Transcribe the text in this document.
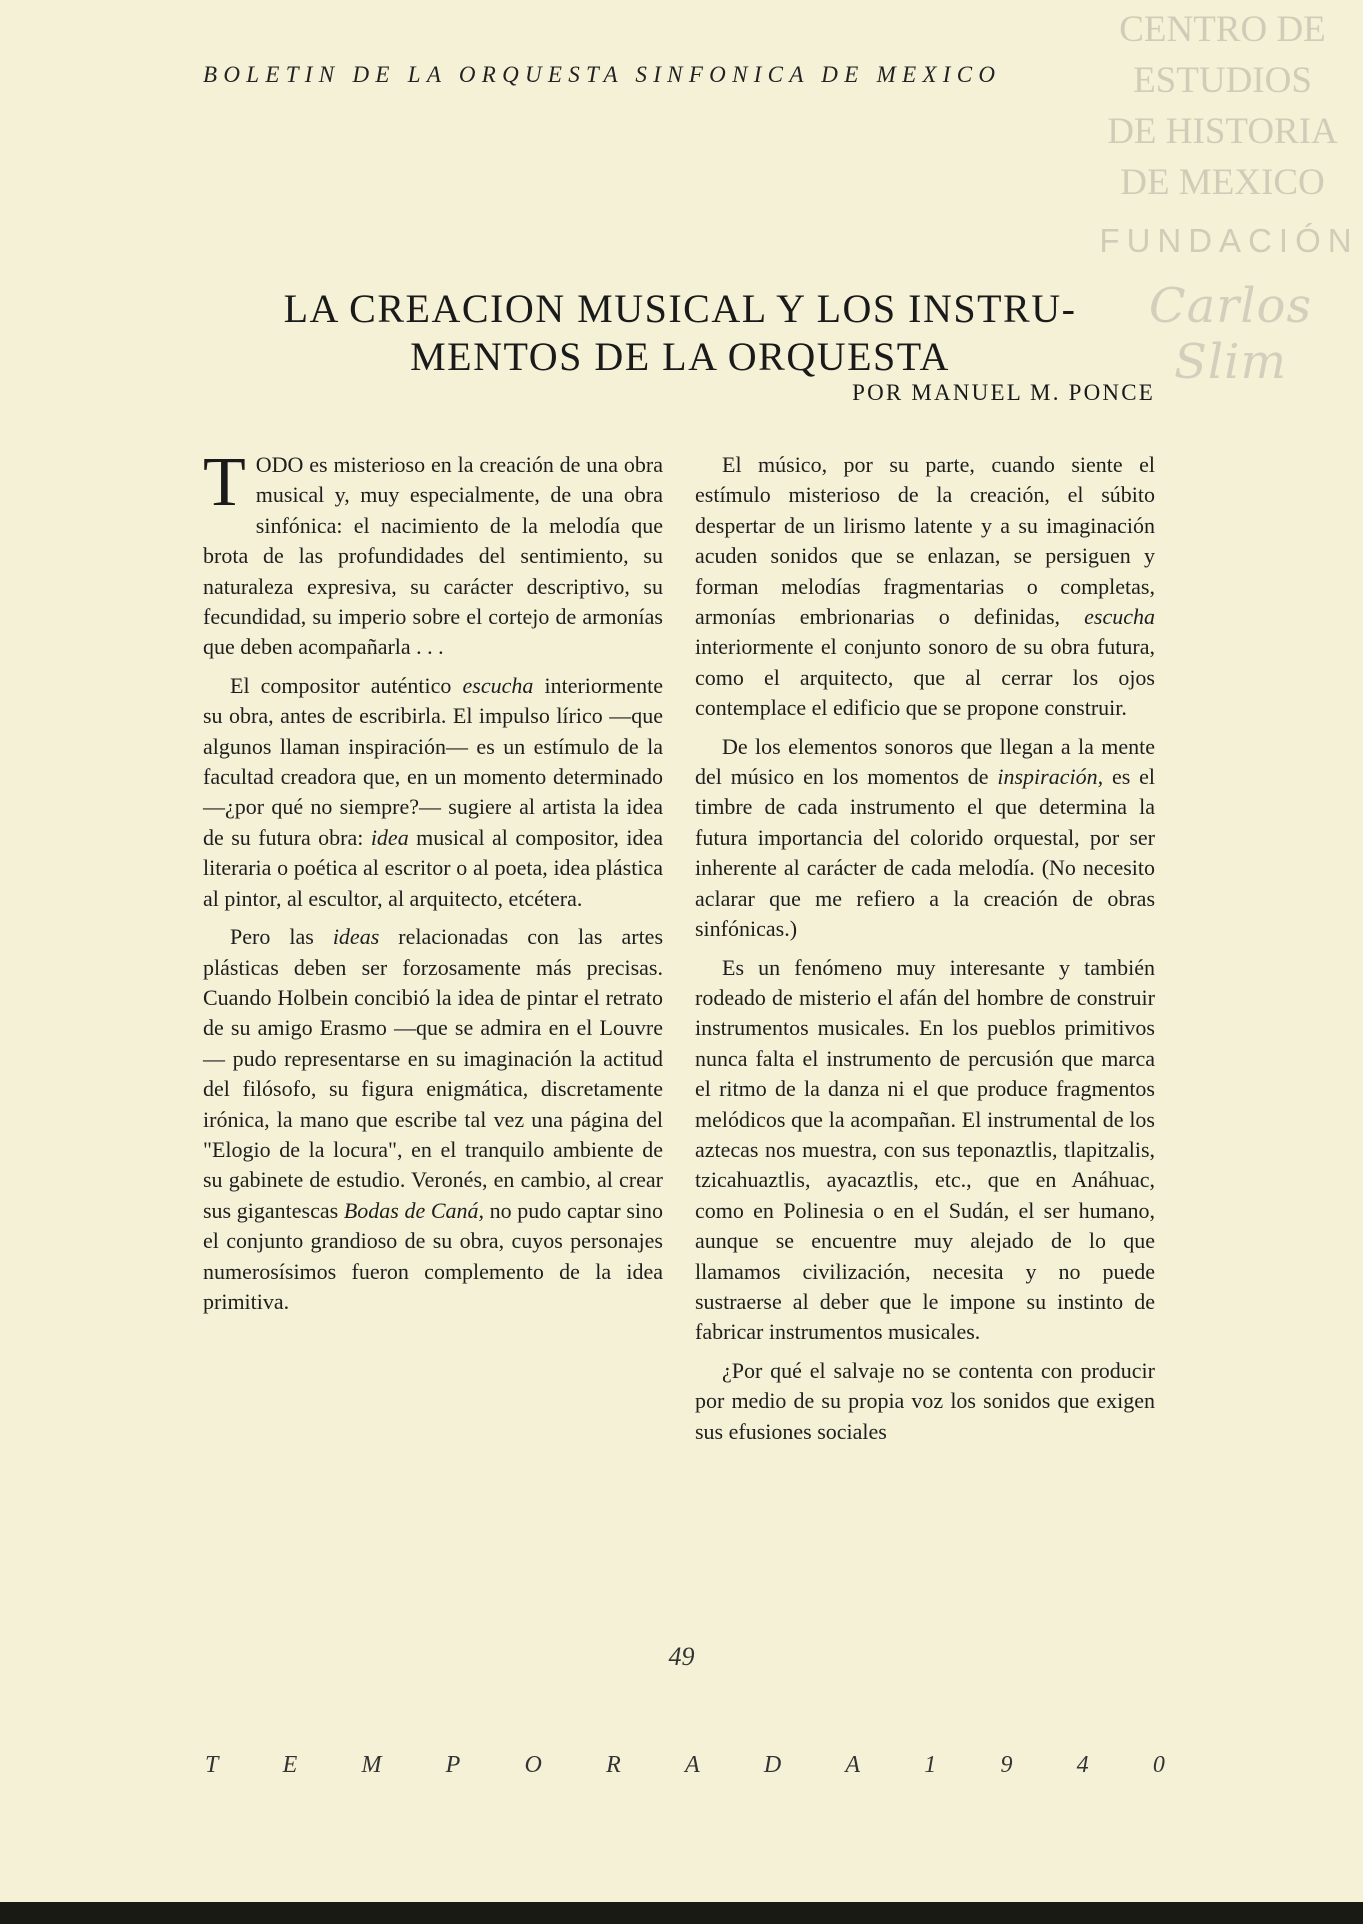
BOLETIN DE LA ORQUESTA SINFONICA DE MEXICO
CENTRO DE
ESTUDIOS
DE HISTORIA
DE MEXICO
FUNDACIÓN
Carlos Slim
LA CREACION MUSICAL Y LOS INSTRU-
MENTOS DE LA ORQUESTA
POR MANUEL M. PONCE

TODO es misterioso en la creación de una obra musical y, muy especialmente, de una obra sinfónica: el nacimiento de la melodía que brota de las profundidades del sentimiento, su naturaleza expresiva, su carácter descriptivo, su fecundidad, su imperio sobre el cortejo de armonías que deben acompañarla . . .

El compositor auténtico escucha interiormente su obra, antes de escribirla. El impulso lírico —que algunos llaman inspiración— es un estímulo de la facultad creadora que, en un momento determinado —¿por qué no siempre?— sugiere al artista la idea de su futura obra: idea musical al compositor, idea literaria o poética al escritor o al poeta, idea plástica al pintor, al escultor, al arquitecto, etcétera.

Pero las ideas relacionadas con las artes plásticas deben ser forzosamente más precisas. Cuando Holbein concibió la idea de pintar el retrato de su amigo Erasmo —que se admira en el Louvre— pudo representarse en su imaginación la actitud del filósofo, su figura enigmática, discretamente irónica, la mano que escribe tal vez una página del "Elogio de la locura", en el tranquilo ambiente de su gabinete de estudio. Veronés, en cambio, al crear sus gigantescas Bodas de Caná, no pudo captar sino el conjunto grandioso de su obra, cuyos personajes numerosísimos fueron complemento de la idea primitiva.

El músico, por su parte, cuando siente el estímulo misterioso de la creación, el súbito despertar de un lirismo latente y a su imaginación acuden sonidos que se enlazan, se persiguen y forman melodías fragmentarias o completas, armonías embrionarias o definidas, escucha interiormente el conjunto sonoro de su obra futura, como el arquitecto, que al cerrar los ojos contemplace el edificio que se propone construir.

De los elementos sonoros que llegan a la mente del músico en los momentos de inspiración, es el timbre de cada instrumento el que determina la futura importancia del colorido orquestal, por ser inherente al carácter de cada melodía. (No necesito aclarar que me refiero a la creación de obras sinfónicas.)

Es un fenómeno muy interesante y también rodeado de misterio el afán del hombre de construir instrumentos musicales. En los pueblos primitivos nunca falta el instrumento de percusión que marca el ritmo de la danza ni el que produce fragmentos melódicos que la acompañan. El instrumental de los aztecas nos muestra, con sus teponaztlis, tlapitzalis, tzicahuaztlis, ayacaztlis, etc., que en Anáhuac, como en Polinesia o en el Sudán, el ser humano, aunque se encuentre muy alejado de lo que llamamos civilización, necesita y no puede sustraerse al deber que le impone su instinto de fabricar instrumentos musicales.

¿Por qué el salvaje no se contenta con producir por medio de su propia voz los sonidos que exigen sus efusiones sociales

49
T	E	M	P	O	R	A	D	A	1	9	4	0
